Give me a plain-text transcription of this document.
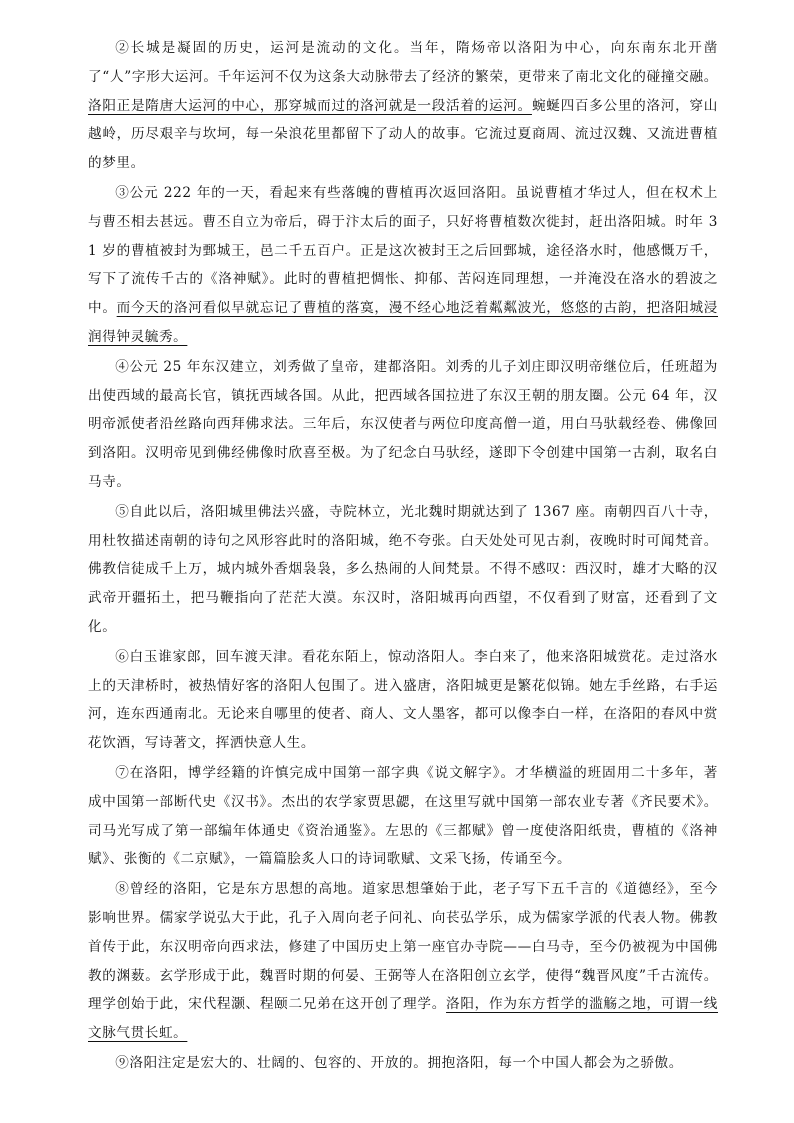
②长城是凝固的历史，运河是流动的文化。当年，隋炀帝以洛阳为中心，向东南东北开凿了“人”字形大运河。千年运河不仅为这条大动脉带去了经济的繁荣，更带来了南北文化的碰撞交融。洛阳正是隋唐大运河的中心，那穿城而过的洛河就是一段活着的运河。蜿蜒四百多公里的洛河，穿山越岭，历尽艰辛与坎坷，每一朵浪花里都留下了动人的故事。它流过夏商周、流过汉魏、又流进曹植的梦里。

③公元 222 年的一天，看起来有些落魄的曹植再次返回洛阳。虽说曹植才华过人，但在权术上与曹丕相去甚远。曹丕自立为帝后，碍于汴太后的面子，只好将曹植数次徙封，赶出洛阳城。时年 31 岁的曹植被封为鄄城王，邑二千五百户。正是这次被封王之后回鄄城，途径洛水时，他感慨万千，写下了流传千古的《洛神赋》。此时的曹植把惆怅、抑郁、苦闷连同理想，一并淹没在洛水的碧波之中。而今天的洛河看似早就忘记了曹植的落寞，漫不经心地泛着粼粼波光，悠悠的古韵，把洛阳城浸润得钟灵毓秀。

④公元 25 年东汉建立，刘秀做了皇帝，建都洛阳。刘秀的儿子刘庄即汉明帝继位后，任班超为出使西域的最高长官，镇抚西域各国。从此，把西域各国拉进了东汉王朝的朋友圈。公元 64 年，汉明帝派使者沿丝路向西拜佛求法。三年后，东汉使者与两位印度高僧一道，用白马驮载经卷、佛像回到洛阳。汉明帝见到佛经佛像时欣喜至极。为了纪念白马驮经，遂即下令创建中国第一古刹，取名白马寺。

⑤自此以后，洛阳城里佛法兴盛，寺院林立，光北魏时期就达到了 1367 座。南朝四百八十寺，用杜牧描述南朝的诗句之风形容此时的洛阳城，绝不夸张。白天处处可见古刹，夜晚时时可闻梵音。佛教信徒成千上万，城内城外香烟袅袅，多么热闹的人间梵景。不得不感叹：西汉时，雄才大略的汉武帝开疆拓土，把马鞭指向了茫茫大漠。东汉时，洛阳城再向西望，不仅看到了财富，还看到了文化。

⑥白玉谁家郎，回车渡天津。看花东陌上，惊动洛阳人。李白来了，他来洛阳城赏花。走过洛水上的天津桥时，被热情好客的洛阳人包围了。进入盛唐，洛阳城更是繁花似锦。她左手丝路，右手运河，连东西通南北。无论来自哪里的使者、商人、文人墨客，都可以像李白一样，在洛阳的春风中赏花饮酒，写诗著文，挥洒快意人生。

⑦在洛阳，博学经籍的许慎完成中国第一部字典《说文解字》。才华横溢的班固用二十多年，著成中国第一部断代史《汉书》。杰出的农学家贾思勰，在这里写就中国第一部农业专著《齐民要术》。司马光写成了第一部编年体通史《资治通鉴》。左思的《三都赋》曾一度使洛阳纸贵，曹植的《洛神赋》、张衡的《二京赋》，一篇篇脍炙人口的诗词歌赋、文采飞扬，传诵至今。

⑧曾经的洛阳，它是东方思想的高地。道家思想肇始于此，老子写下五千言的《道德经》，至今影响世界。儒家学说弘大于此，孔子入周向老子问礼、向苌弘学乐，成为儒家学派的代表人物。佛教首传于此，东汉明帝向西求法，修建了中国历史上第一座官办寺院——白马寺，至今仍被视为中国佛教的渊薮。玄学形成于此，魏晋时期的何晏、王弼等人在洛阳创立玄学，使得“魏晋风度”千古流传。理学创始于此，宋代程灏、程颐二兄弟在这开创了理学。洛阳，作为东方哲学的滥觞之地，可谓一线文脉气贯长虹。

⑨洛阳注定是宏大的、壮阔的、包容的、开放的。拥抱洛阳，每一个中国人都会为之骄傲。
